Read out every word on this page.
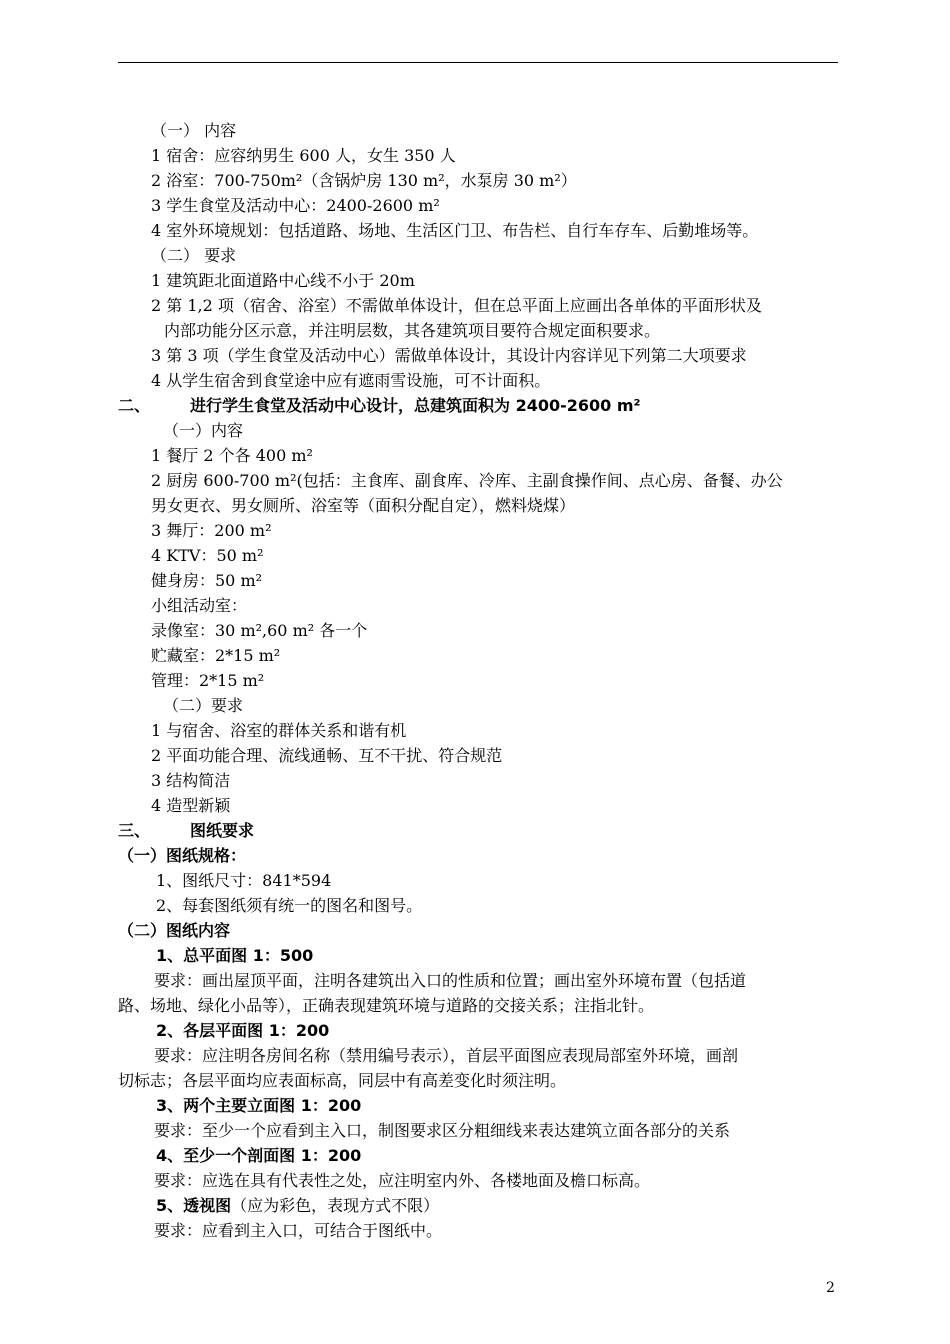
（一） 内容
1 宿舍：应容纳男生 600 人，女生 350 人
2 浴室：700-750m²（含锅炉房 130 m²，水泵房 30 m²）
3 学生食堂及活动中心：2400-2600 m²
4 室外环境规划：包括道路、场地、生活区门卫、布告栏、自行车存车、后勤堆场等。
（二） 要求
1 建筑距北面道路中心线不小于 20m
2 第 1,2 项（宿舍、浴室）不需做单体设计，但在总平面上应画出各单体的平面形状及
内部功能分区示意，并注明层数，其各建筑项目要符合规定面积要求。
3 第 3 项（学生食堂及活动中心）需做单体设计，其设计内容详见下列第二大项要求
4 从学生宿舍到食堂途中应有遮雨雪设施，可不计面积。
二、	进行学生食堂及活动中心设计，总建筑面积为 2400-2600 m²
（一）内容
1 餐厅 2 个各 400 m²
2 厨房 600-700 m²(包括：主食库、副食库、冷库、主副食操作间、点心房、备餐、办公
男女更衣、男女厕所、浴室等（面积分配自定），燃料烧煤）
3 舞厅：200 m²
4 KTV：50 m²
健身房：50 m²
小组活动室：
录像室：30 m²,60 m² 各一个
贮藏室：2*15 m²
管理：2*15 m²
（二）要求
1 与宿舍、浴室的群体关系和谐有机
2 平面功能合理、流线通畅、互不干扰、符合规范
3 结构简洁
4 造型新颖
三、	图纸要求
（一）图纸规格：
1、图纸尺寸：841*594
2、每套图纸须有统一的图名和图号。
（二）图纸内容
1、总平面图 1：500
要求：画出屋顶平面，注明各建筑出入口的性质和位置；画出室外环境布置（包括道
路、场地、绿化小品等），正确表现建筑环境与道路的交接关系；注指北针。
2、各层平面图 1：200
要求：应注明各房间名称（禁用编号表示），首层平面图应表现局部室外环境，画剖
切标志；各层平面均应表面标高，同层中有高差变化时须注明。
3、两个主要立面图 1：200
要求：至少一个应看到主入口，制图要求区分粗细线来表达建筑立面各部分的关系
4、至少一个剖面图 1：200
要求：应选在具有代表性之处，应注明室内外、各楼地面及檐口标高。
5、透视图（应为彩色，表现方式不限）
要求：应看到主入口，可结合于图纸中。
2
